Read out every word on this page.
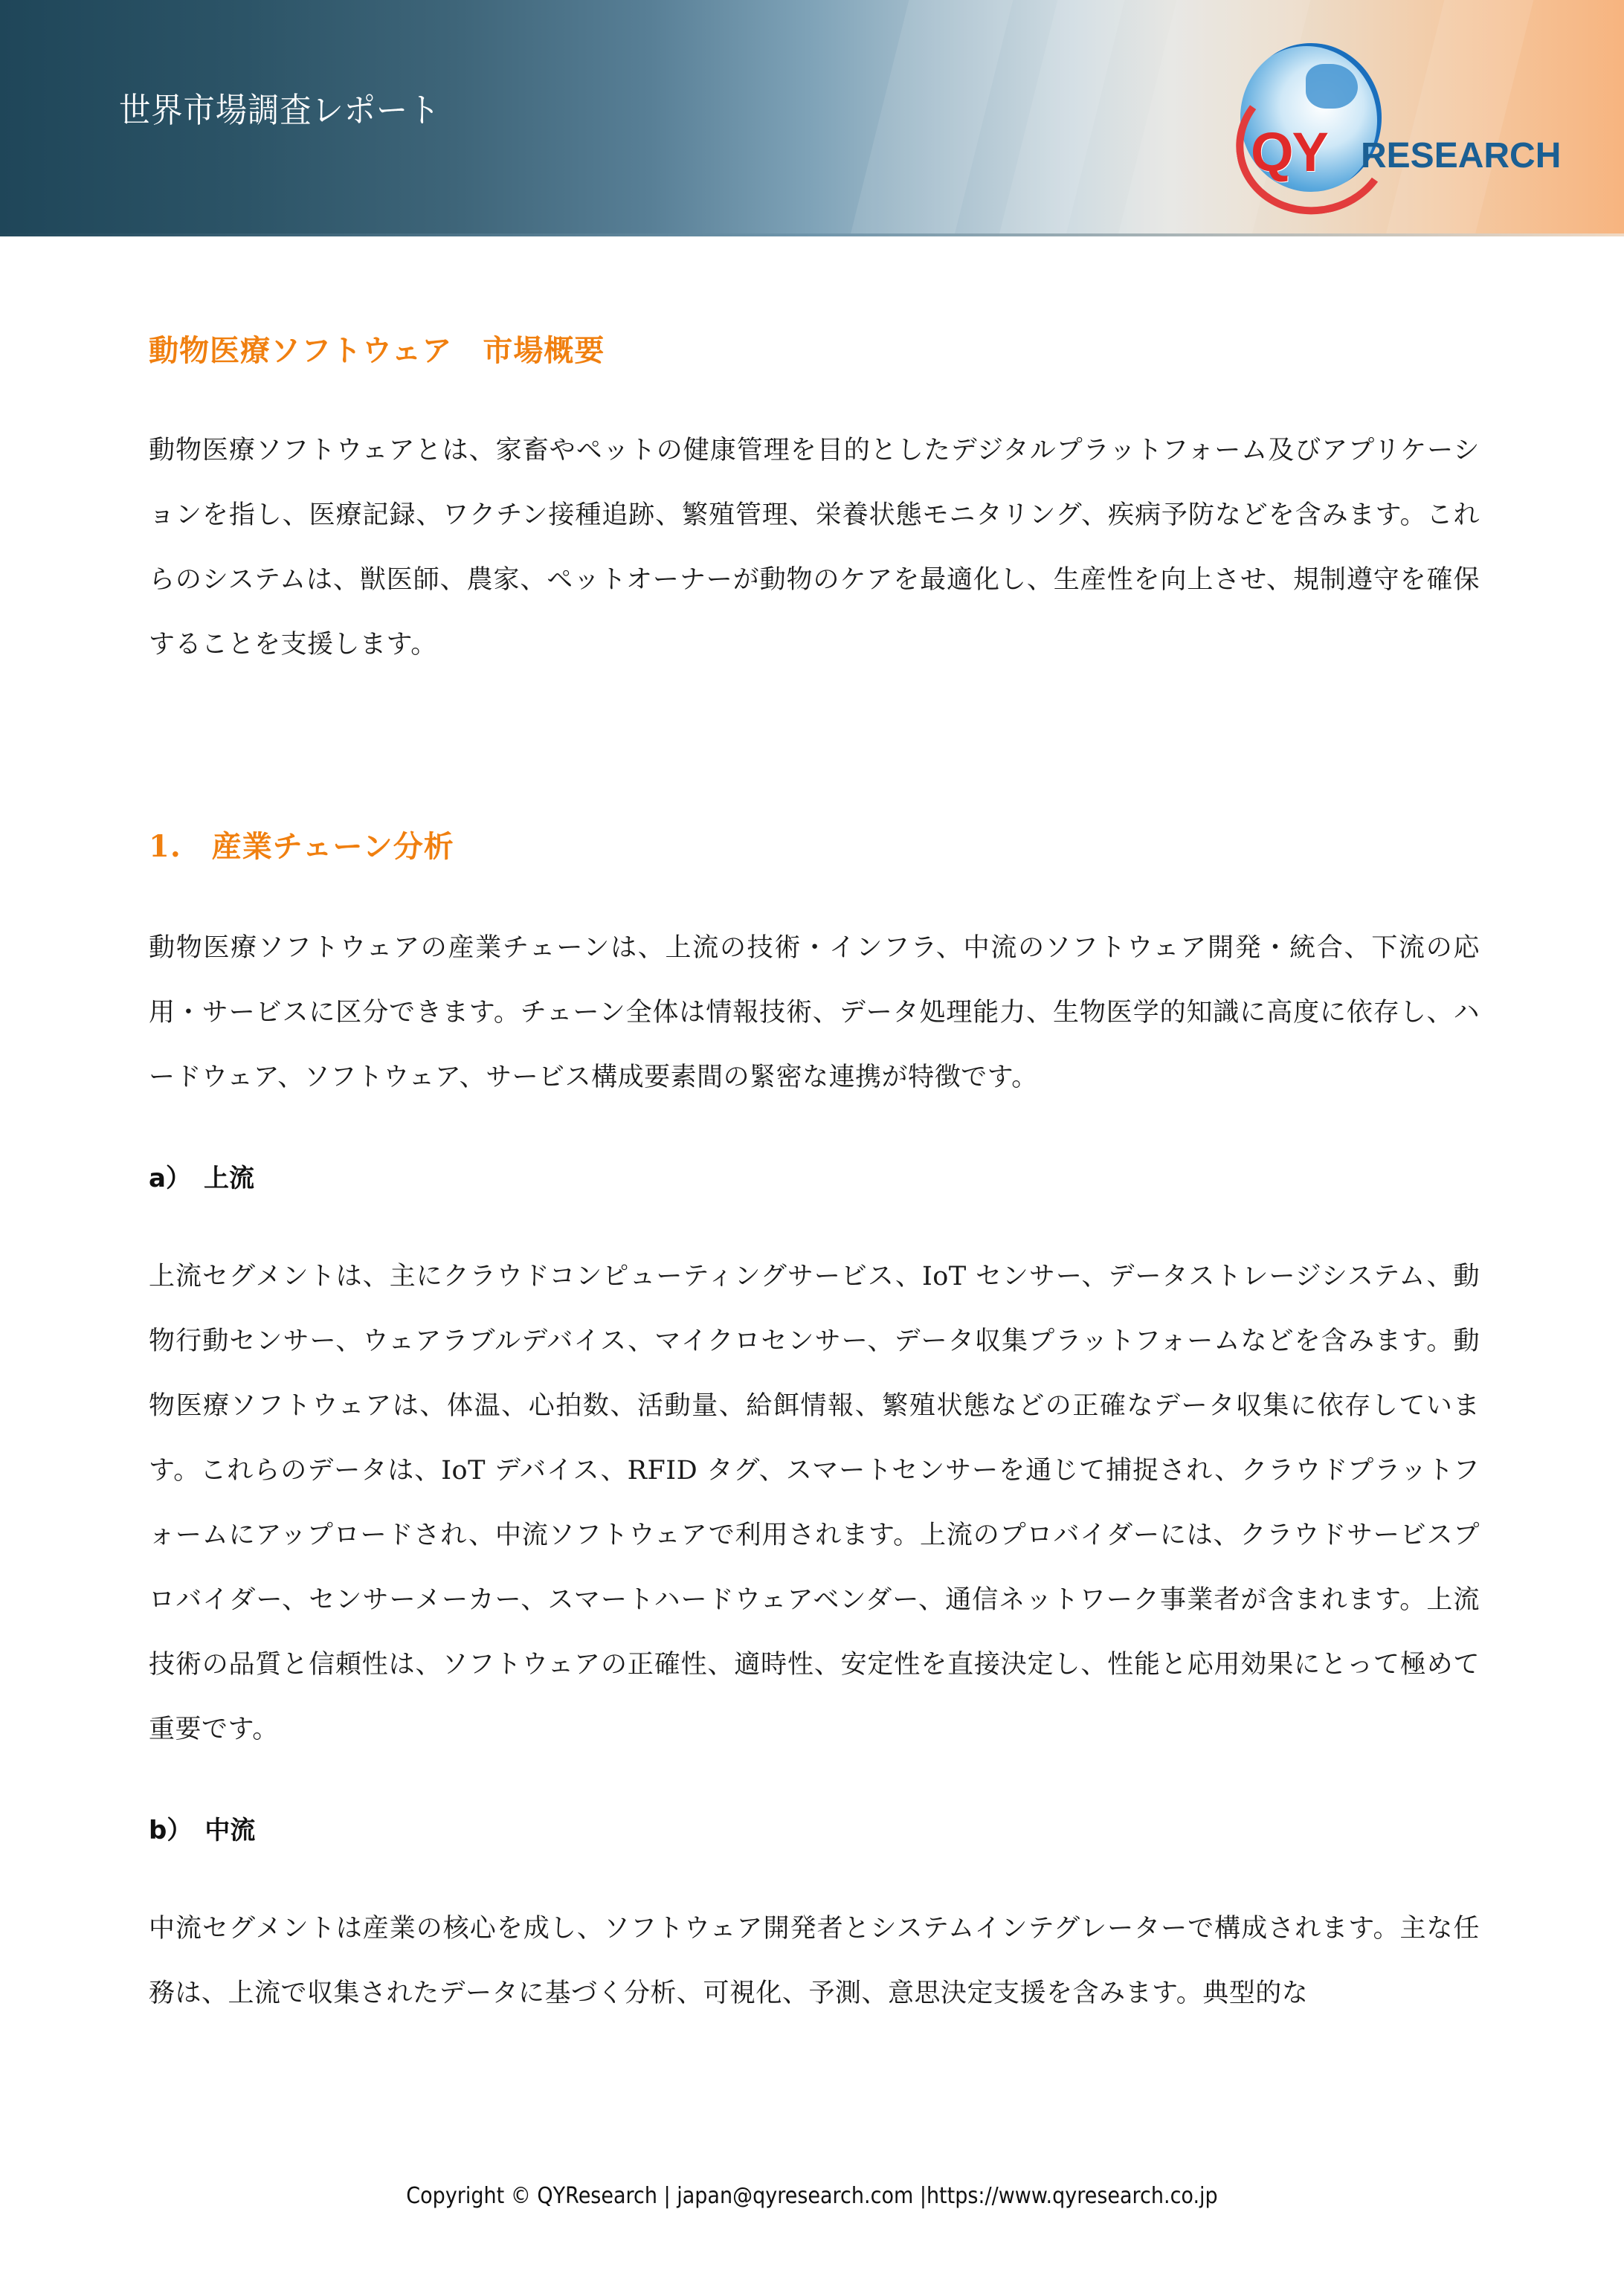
世界市場調査レポート
QY RESEARCH
動物医療ソフトウェア　市場概要

動物医療ソフトウェアとは、家畜やペットの健康管理を目的としたデジタルプラットフォーム及びアプリケーションを指し、医療記録、ワクチン接種追跡、繁殖管理、栄養状態モニタリング、疾病予防などを含みます。これらのシステムは、獣医師、農家、ペットオーナーが動物のケアを最適化し、生産性を向上させ、規制遵守を確保することを支援します。

1.　産業チェーン分析

動物医療ソフトウェアの産業チェーンは、上流の技術・インフラ、中流のソフトウェア開発・統合、下流の応用・サービスに区分できます。チェーン全体は情報技術、データ処理能力、生物医学的知識に高度に依存し、ハードウェア、ソフトウェア、サービス構成要素間の緊密な連携が特徴です。

a）　上流

上流セグメントは、主にクラウドコンピューティングサービス、IoT センサー、データストレージシステム、動物行動センサー、ウェアラブルデバイス、マイクロセンサー、データ収集プラットフォームなどを含みます。動物医療ソフトウェアは、体温、心拍数、活動量、給餌情報、繁殖状態などの正確なデータ収集に依存しています。これらのデータは、IoT デバイス、RFID タグ、スマートセンサーを通じて捕捉され、クラウドプラットフォームにアップロードされ、中流ソフトウェアで利用されます。上流のプロバイダーには、クラウドサービスプロバイダー、センサーメーカー、スマートハードウェアベンダー、通信ネットワーク事業者が含まれます。上流技術の品質と信頼性は、ソフトウェアの正確性、適時性、安定性を直接決定し、性能と応用効果にとって極めて重要です。

b）　中流

中流セグメントは産業の核心を成し、ソフトウェア開発者とシステムインテグレーターで構成されます。主な任務は、上流で収集されたデータに基づく分析、可視化、予測、意思決定支援を含みます。典型的な

Copyright © QYResearch | japan@qyresearch.com |https://www.qyresearch.co.jp
